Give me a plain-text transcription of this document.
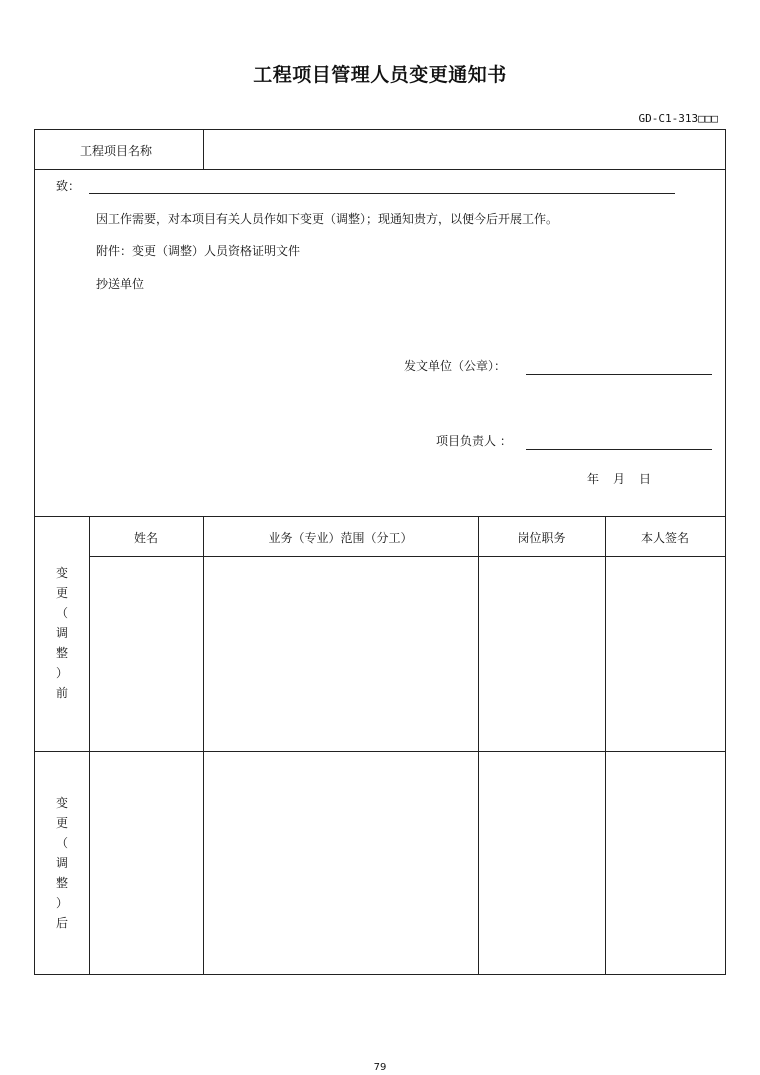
工程项目管理人员变更通知书
GD-C1-313□□□
工程项目名称
致：
因工作需要，对本项目有关人员作如下变更（调整）；现通知贵方，以便今后开展工作。
附件：变更（调整）人员资格证明文件
抄送单位
发文单位（公章）：
项目负责人 ：
年　月　日
姓名	业务（专业）范围（分工）	岗位职务	本人签名
变
更
（
调
整
）
前
变
更
（
调
整
）
后
79
